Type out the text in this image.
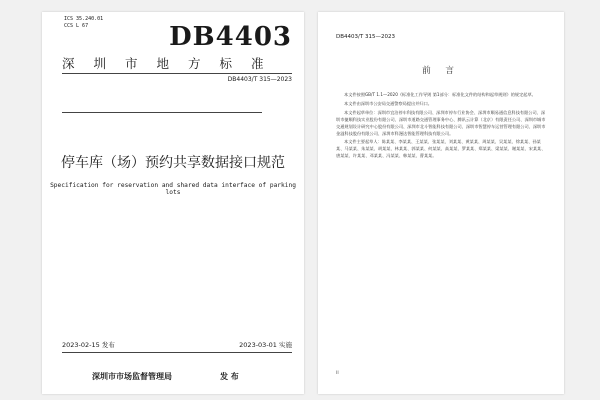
ICS 35.240.01
CCS L 67	DB4403
深圳市地方标准
DB4403/T 315—2023
停车库（场）预约共享数据接口规范
Specification for reservation and shared data interface of parking lots
2023-02-15 发布	2023-03-01 实施
深圳市市场监督管理局	发 布
DB4403/T 315—2023
前 言

本文件按照GB/T 1.1—2020《标准化工作导则 第1部分：标准化文件的结构和起草规则》的规定起草。

本文件由深圳市公安局交通警察局提出并归口。

本文件起草单位：深圳市宜泊停车科技有限公司、深圳市停车行业协会、深圳市顺易通信息科技有限公司、深圳市捷顺科技实业股份有限公司、深圳市道路交通管理事务中心、腾讯云计算（北京）有限责任公司、深圳市城市交通规划设计研究中心股份有限公司、深圳市北斗智能科技有限公司、深圳市智慧停车运营管理有限公司、深圳市金溢科技股份有限公司、深圳市科漫达智能管理科技有限公司。

本文件主要起草人：陈某某、李某某、王某某、张某某、刘某某、黄某某、周某某、吴某某、徐某某、孙某某、马某某、朱某某、胡某某、林某某、郭某某、何某某、高某某、罗某某、郑某某、梁某某、谢某某、宋某某、唐某某、许某某、邓某某、冯某某、韩某某、曹某某。

II
